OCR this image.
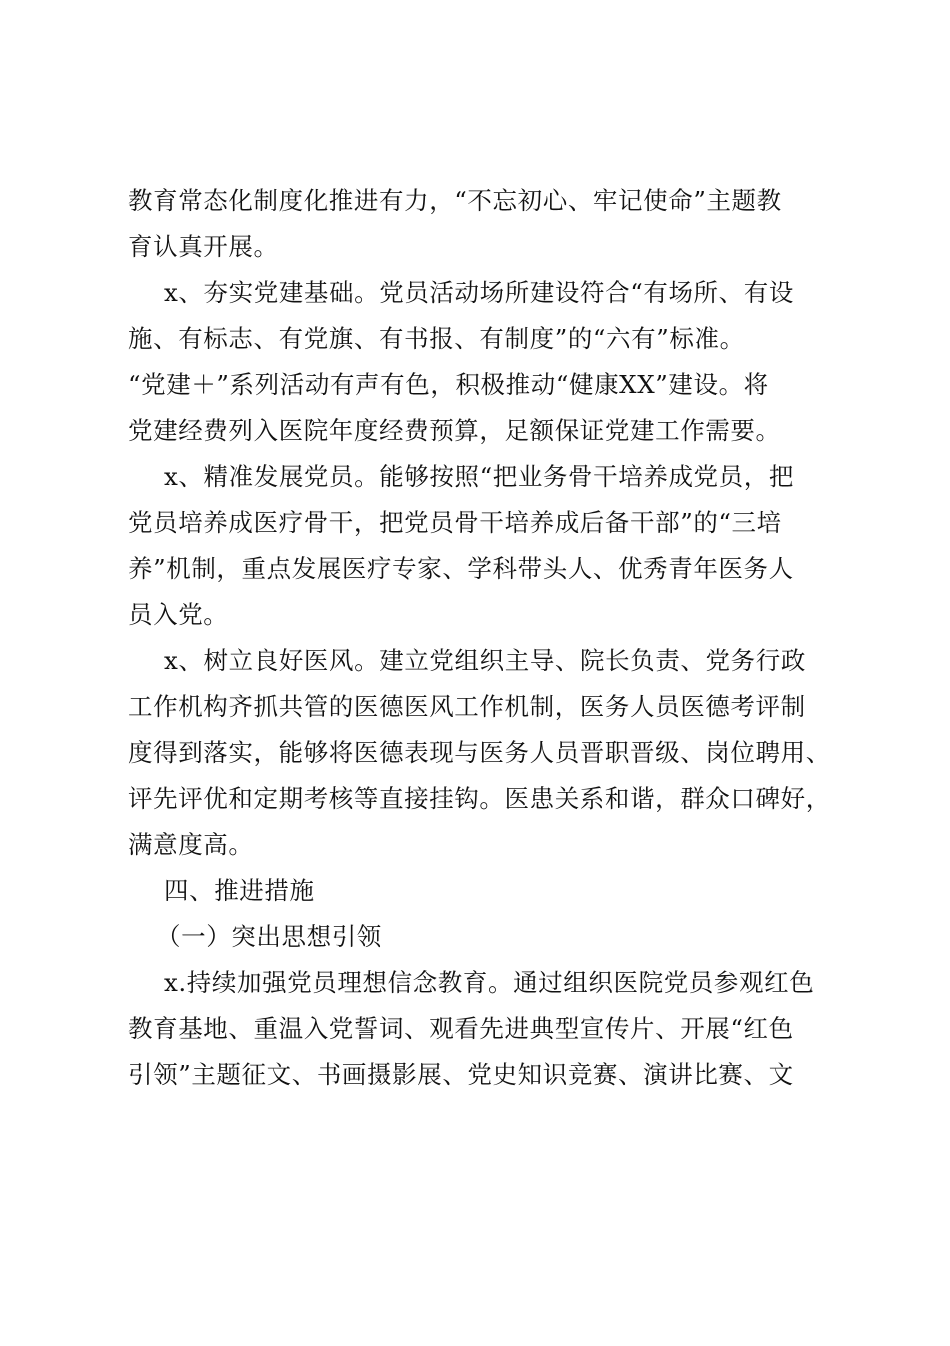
教育常态化制度化推进有力，“不忘初心、牢记使命”主题教
育认真开展。
x、夯实党建基础。党员活动场所建设符合“有场所、有设
施、有标志、有党旗、有书报、有制度”的“六有”标准。
“党建＋”系列活动有声有色，积极推动“健康XX”建设。将
党建经费列入医院年度经费预算，足额保证党建工作需要。
x、精准发展党员。能够按照“把业务骨干培养成党员，把
党员培养成医疗骨干，把党员骨干培养成后备干部”的“三培
养”机制，重点发展医疗专家、学科带头人、优秀青年医务人
员入党。
x、树立良好医风。建立党组织主导、院长负责、党务行政
工作机构齐抓共管的医德医风工作机制，医务人员医德考评制
度得到落实，能够将医德表现与医务人员晋职晋级、岗位聘用、
评先评优和定期考核等直接挂钩。医患关系和谐，群众口碑好，
满意度高。
四、推进措施
（一）突出思想引领
x.持续加强党员理想信念教育。通过组织医院党员参观红色
教育基地、重温入党誓词、观看先进典型宣传片、开展“红色
引领”主题征文、书画摄影展、党史知识竞赛、演讲比赛、文
